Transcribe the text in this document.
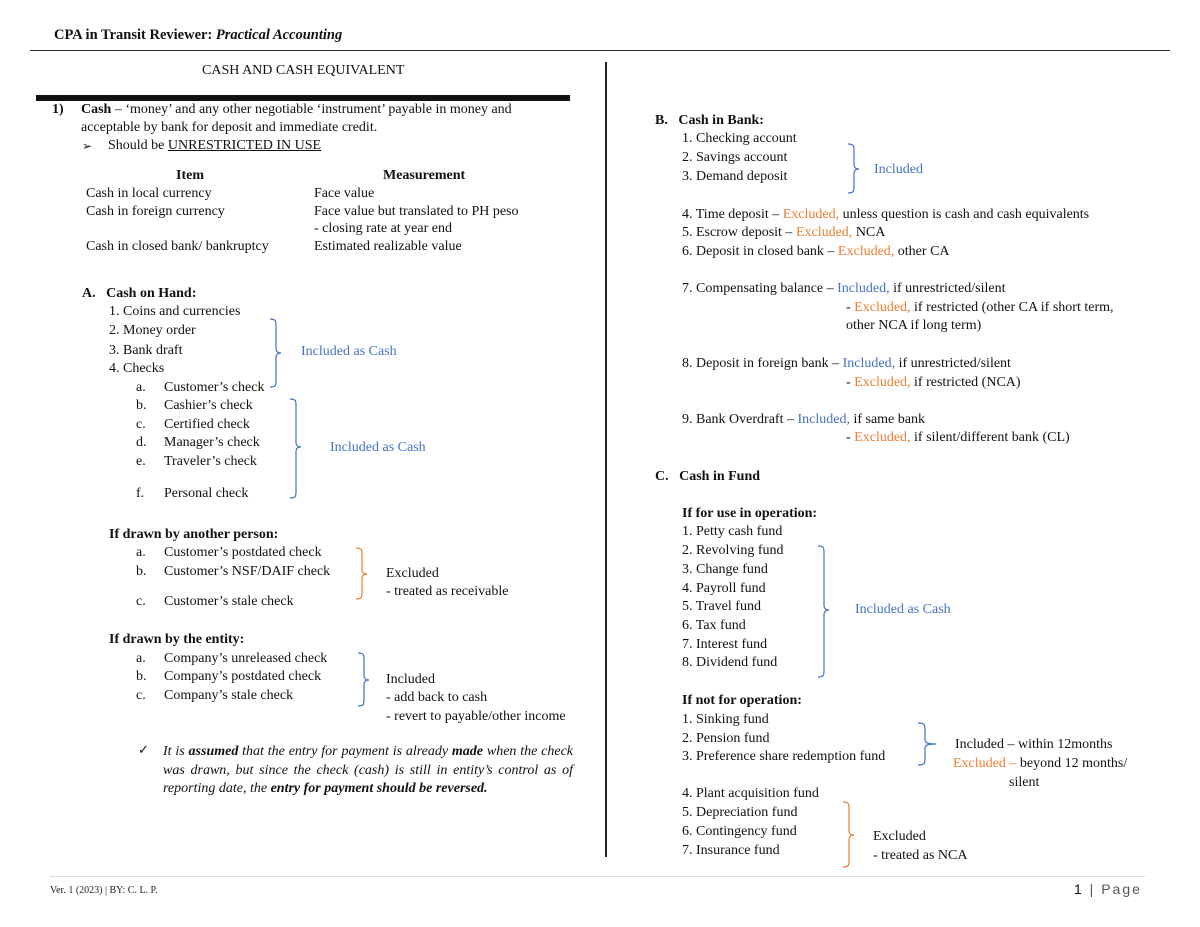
CPA in Transit Reviewer: Practical Accounting
CASH AND CASH EQUIVALENT
1) Cash – ‘money’ and any other negotiable ‘instrument’ payable in money and
acceptable by bank for deposit and immediate credit.
➢ Should be UNRESTRICTED IN USE
Item	Measurement
Cash in local currency	Face value
Cash in foreign currency	Face value but translated to PH peso
- closing rate at year end
Cash in closed bank/ bankruptcy	Estimated realizable value
A.   Cash on Hand:
1. Coins and currencies
2. Money order
3. Bank draft
4. Checks
Included as Cash
a. Customer’s check
b. Cashier’s check
c. Certified check
d. Manager’s check
e. Traveler’s check
f. Personal check
Included as Cash
If drawn by another person:
a. Customer’s postdated check
b. Customer’s NSF/DAIF check
c. Customer’s stale check
Excluded
- treated as receivable
If drawn by the entity:
a. Company’s unreleased check
b. Company’s postdated check
c. Company’s stale check
Included
- add back to cash
- revert to payable/other income
✓ It is assumed that the entry for payment is already made when the check was drawn, but since the check (cash) is still in entity’s control as of reporting date, the entry for payment should be reversed.
B.   Cash in Bank:
1. Checking account
2. Savings account
3. Demand deposit	Included
4. Time deposit – Excluded, unless question is cash and cash equivalents
5. Escrow deposit – Excluded, NCA
6. Deposit in closed bank – Excluded, other CA
7. Compensating balance – Included, if unrestricted/silent
- Excluded, if restricted (other CA if short term,
other NCA if long term)
8. Deposit in foreign bank – Included, if unrestricted/silent
- Excluded, if restricted (NCA)
9. Bank Overdraft – Included, if same bank
- Excluded, if silent/different bank (CL)
C.   Cash in Fund
If for use in operation:
1. Petty cash fund
2. Revolving fund
3. Change fund
4. Payroll fund
5. Travel fund
6. Tax fund
7. Interest fund
8. Dividend fund
Included as Cash
If not for operation:
1. Sinking fund
2. Pension fund
3. Preference share redemption fund
Included – within 12months
Excluded – beyond 12 months/
silent
4. Plant acquisition fund
5. Depreciation fund
6. Contingency fund
7. Insurance fund
Excluded
- treated as NCA
Ver. 1 (2023) | BY: C. L. P.	1 | Page
